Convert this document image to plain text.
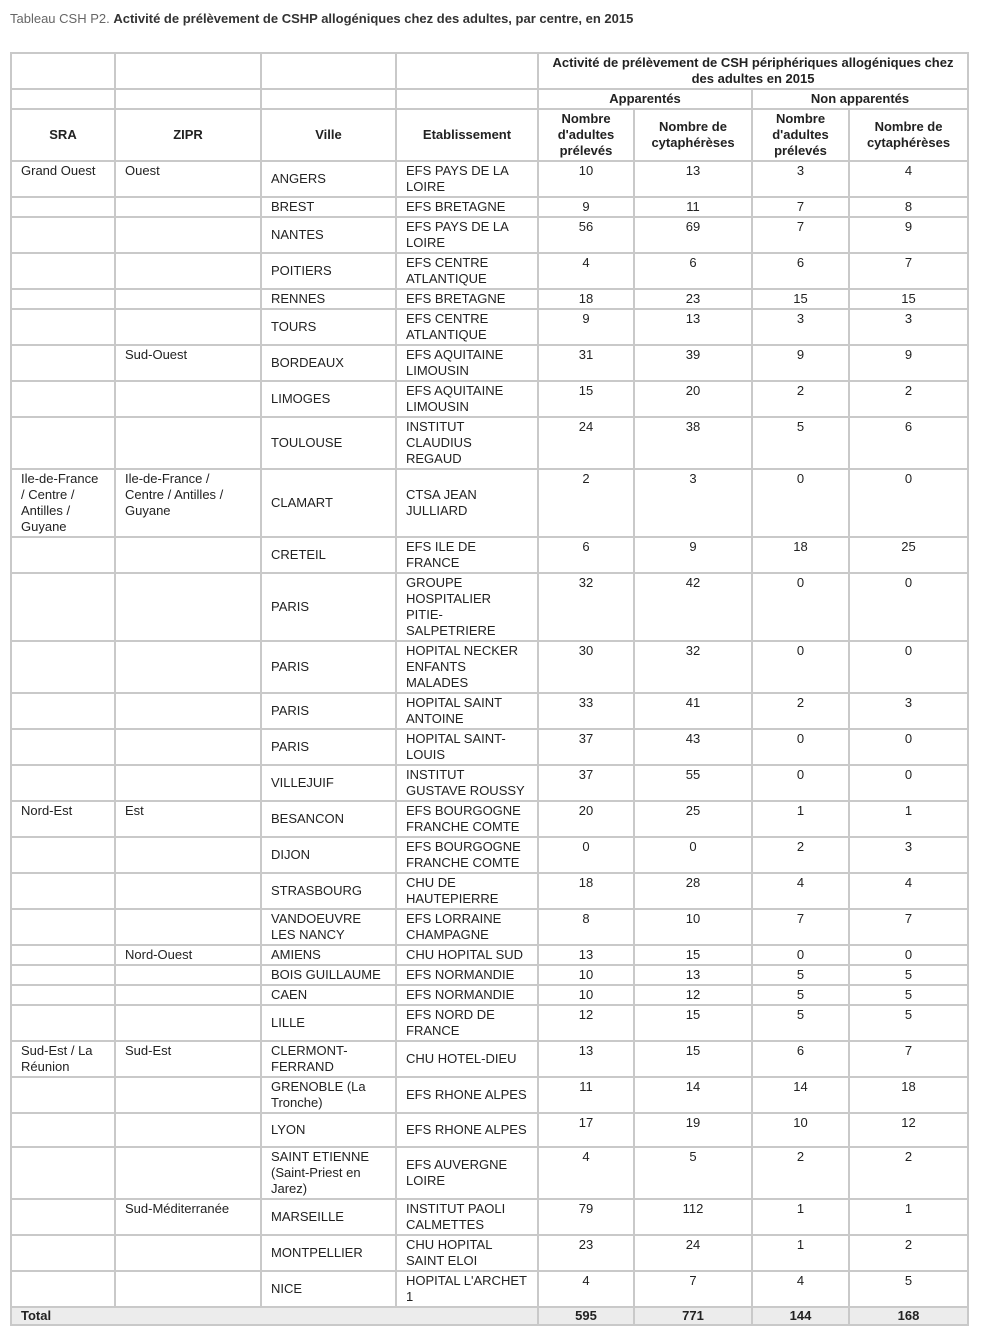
Tableau CSH P2. Activité de prélèvement de CSHP allogéniques chez des adultes, par centre, en 2015
				Activité de prélèvement de CSH périphériques allogéniques chez des adultes en 2015			
				Apparentés		Non apparentés	
SRA	ZIPR	Ville	Etablissement	Nombre d'adultes prélevés	Nombre de cytaphérèses	Nombre d'adultes prélevés	Nombre de cytaphérèses
Grand Ouest	Ouest	ANGERS	EFS PAYS DE LA LOIRE	10	13	3	4
		BREST	EFS BRETAGNE	9	11	7	8
		NANTES	EFS PAYS DE LA LOIRE	56	69	7	9
		POITIERS	EFS CENTRE ATLANTIQUE	4	6	6	7
		RENNES	EFS BRETAGNE	18	23	15	15
		TOURS	EFS CENTRE ATLANTIQUE	9	13	3	3
	Sud-Ouest	BORDEAUX	EFS AQUITAINE LIMOUSIN	31	39	9	9
		LIMOGES	EFS AQUITAINE LIMOUSIN	15	20	2	2
		TOULOUSE	INSTITUT CLAUDIUS REGAUD	24	38	5	6
Ile-de-France / Centre / Antilles / Guyane	Ile-de-France / Centre / Antilles / Guyane	CLAMART	CTSA JEAN JULLIARD	2	3	0	0
		CRETEIL	EFS ILE DE FRANCE	6	9	18	25
		PARIS	GROUPE HOSPITALIER PITIE-SALPETRIERE	32	42	0	0
		PARIS	HOPITAL NECKER ENFANTS MALADES	30	32	0	0
		PARIS	HOPITAL SAINT ANTOINE	33	41	2	3
		PARIS	HOPITAL SAINT-LOUIS	37	43	0	0
		VILLEJUIF	INSTITUT GUSTAVE ROUSSY	37	55	0	0
Nord-Est	Est	BESANCON	EFS BOURGOGNE FRANCHE COMTE	20	25	1	1
		DIJON	EFS BOURGOGNE FRANCHE COMTE	0	0	2	3
		STRASBOURG	CHU DE HAUTEPIERRE	18	28	4	4
		VANDOEUVRE LES NANCY	EFS LORRAINE CHAMPAGNE	8	10	7	7
	Nord-Ouest	AMIENS	CHU HOPITAL SUD	13	15	0	0
		BOIS GUILLAUME	EFS NORMANDIE	10	13	5	5
		CAEN	EFS NORMANDIE	10	12	5	5
		LILLE	EFS NORD DE FRANCE	12	15	5	5
Sud-Est / La Réunion	Sud-Est	CLERMONT-FERRAND	CHU HOTEL-DIEU	13	15	6	7
		GRENOBLE (La Tronche)	EFS RHONE ALPES	11	14	14	18
		LYON	EFS RHONE ALPES	17	19	10	12
		SAINT ETIENNE (Saint-Priest en Jarez)	EFS AUVERGNE LOIRE	4	5	2	2
	Sud-Méditerranée	MARSEILLE	INSTITUT PAOLI CALMETTES	79	112	1	1
		MONTPELLIER	CHU HOPITAL SAINT ELOI	23	24	1	2
		NICE	HOPITAL L'ARCHET 1	4	7	4	5
Total				595	771	144	168
